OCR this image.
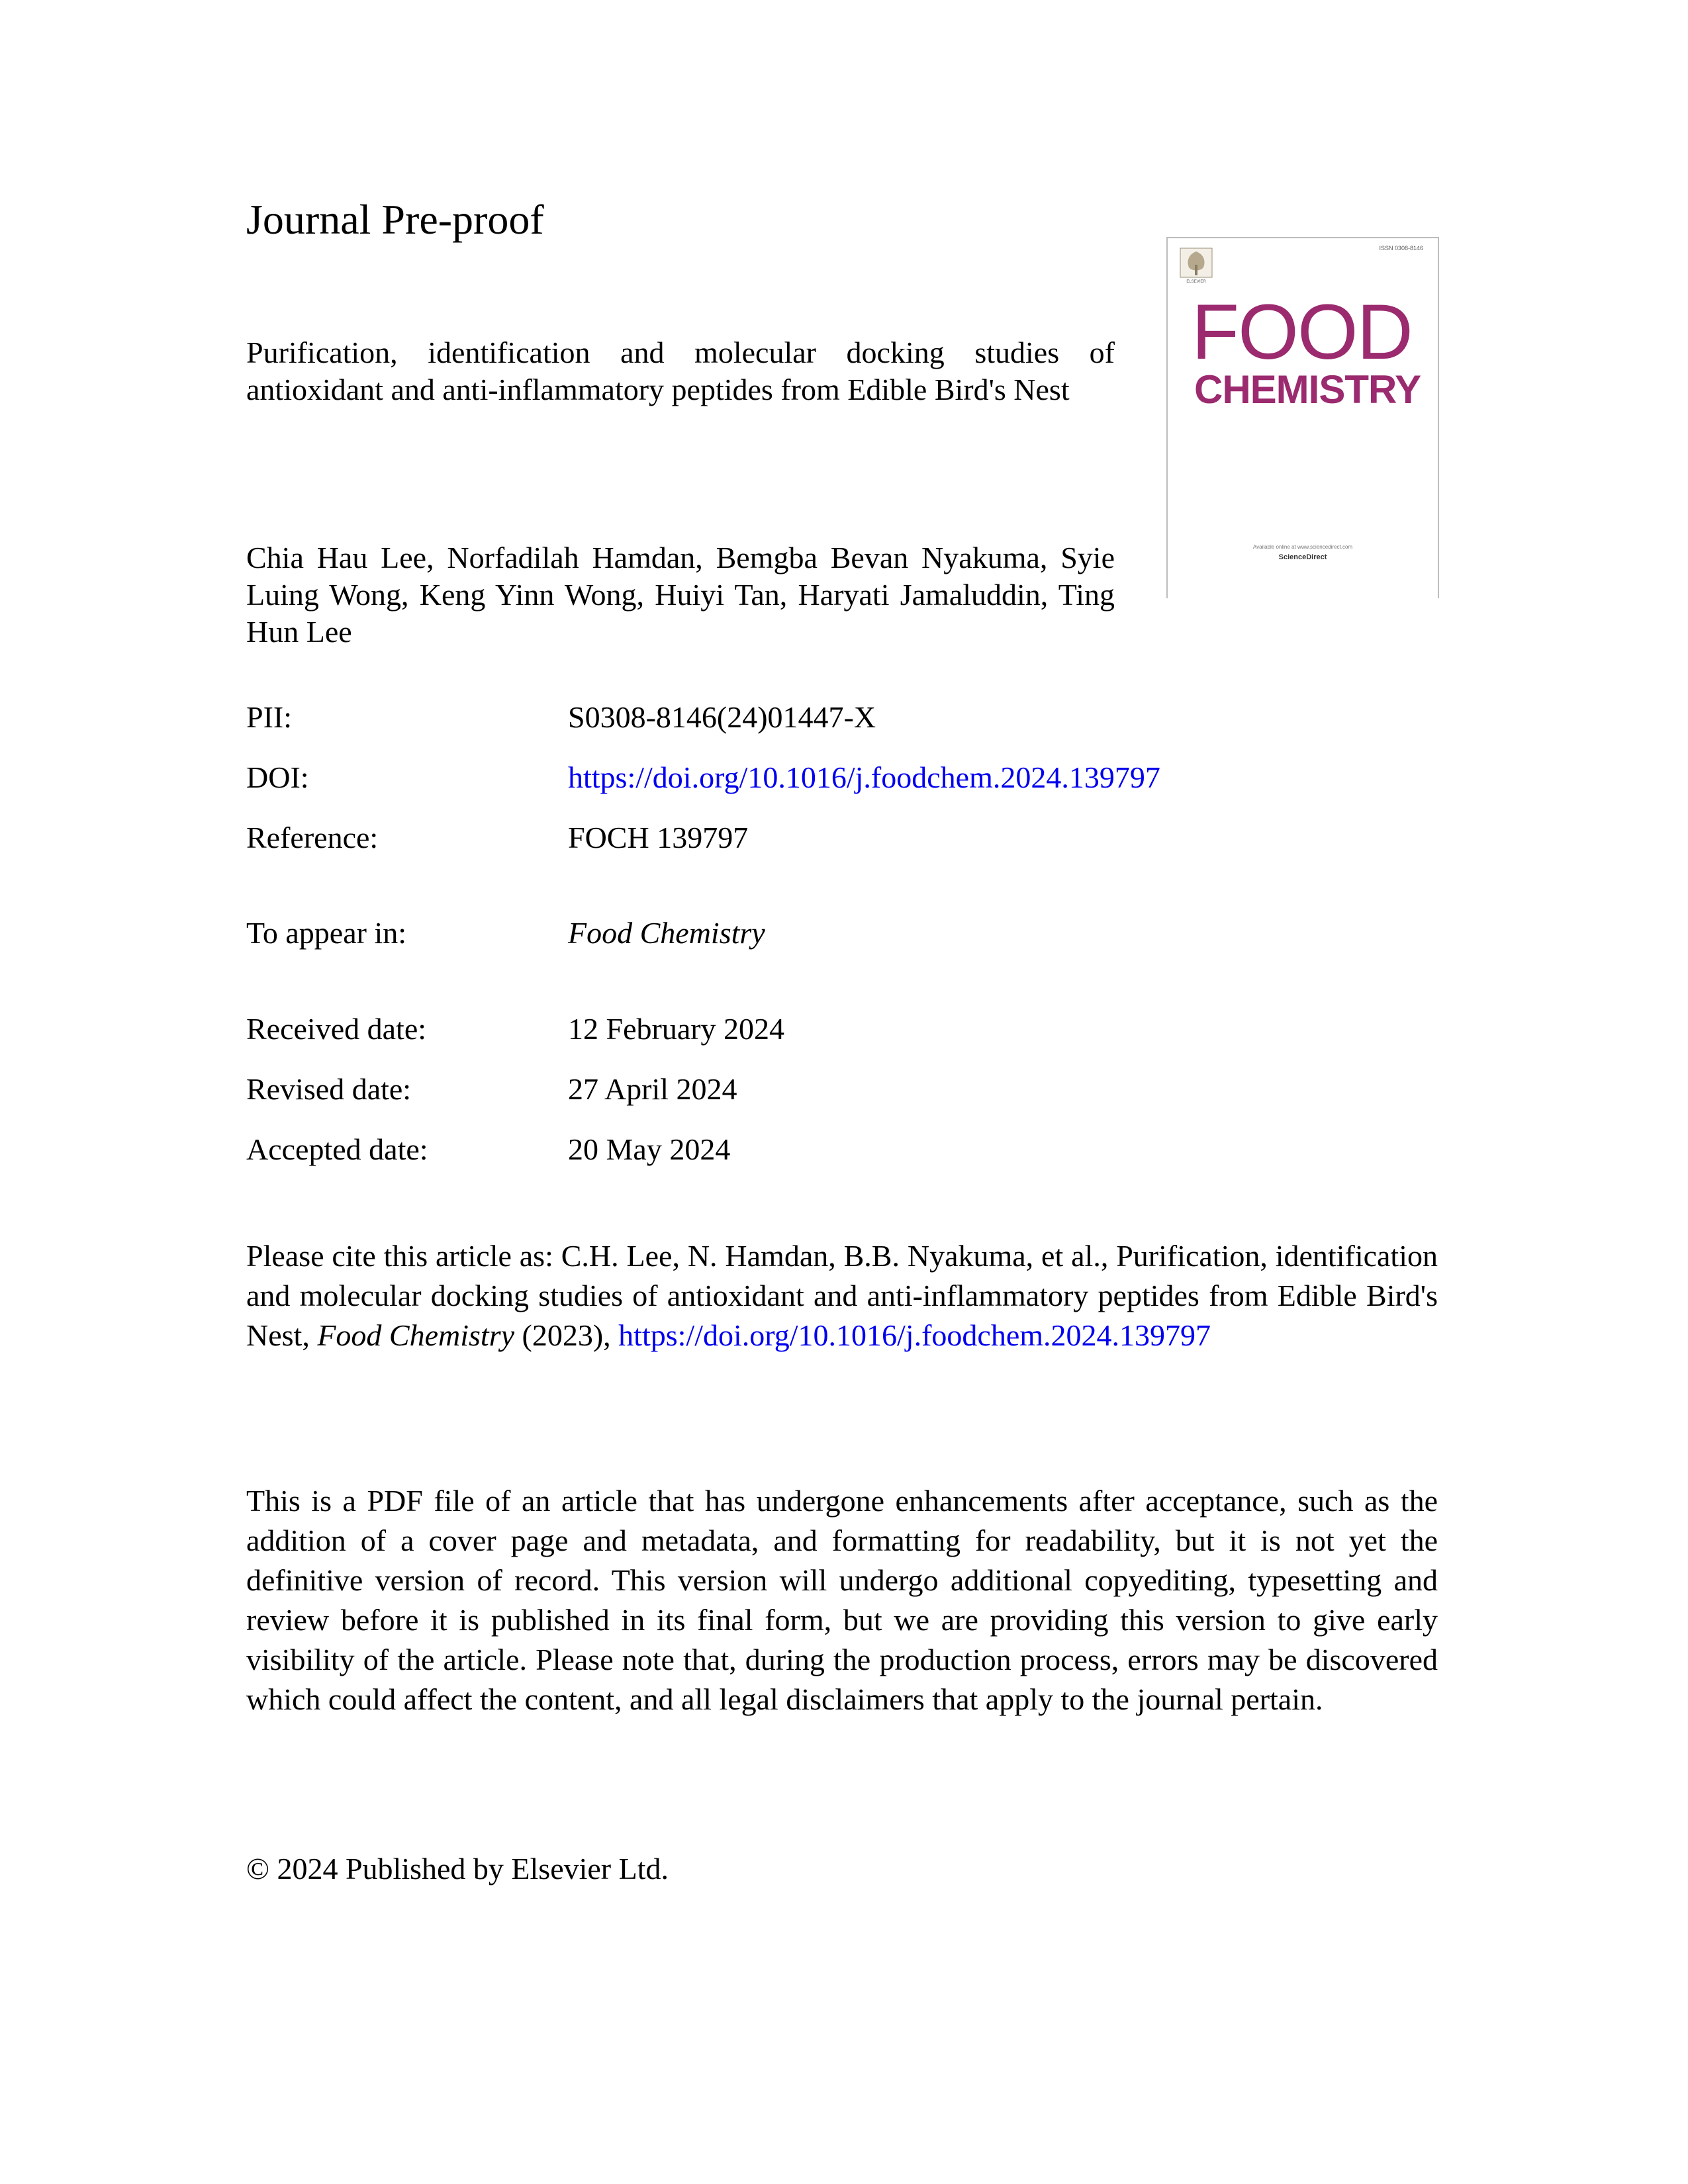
Journal Pre-proof
Purification, identification and molecular docking studies of antioxidant and anti-inflammatory peptides from Edible Bird's Nest
Chia Hau Lee, Norfadilah Hamdan, Bemgba Bevan Nyakuma, Syie Luing Wong, Keng Yinn Wong, Huiyi Tan, Haryati Jamaluddin, Ting Hun Lee
ISSN 0308-8146
ELSEVIER
FOOD
CHEMISTRY
Available online at www.sciencedirect.com
ScienceDirect
PII:	S0308-8146(24)01447-X
DOI:	https://doi.org/10.1016/j.foodchem.2024.139797
Reference:	FOCH 139797
To appear in:	Food Chemistry
Received date:	12 February 2024
Revised date:	27 April 2024
Accepted date:	20 May 2024
Please cite this article as: C.H. Lee, N. Hamdan, B.B. Nyakuma, et al., Purification, identification and molecular docking studies of antioxidant and anti-inflammatory peptides from Edible Bird's Nest, Food Chemistry (2023), https://doi.org/10.1016/j.foodchem.2024.139797
This is a PDF file of an article that has undergone enhancements after acceptance, such as the addition of a cover page and metadata, and formatting for readability, but it is not yet the definitive version of record. This version will undergo additional copyediting, typesetting and review before it is published in its final form, but we are providing this version to give early visibility of the article. Please note that, during the production process, errors may be discovered which could affect the content, and all legal disclaimers that apply to the journal pertain.
© 2024 Published by Elsevier Ltd.
